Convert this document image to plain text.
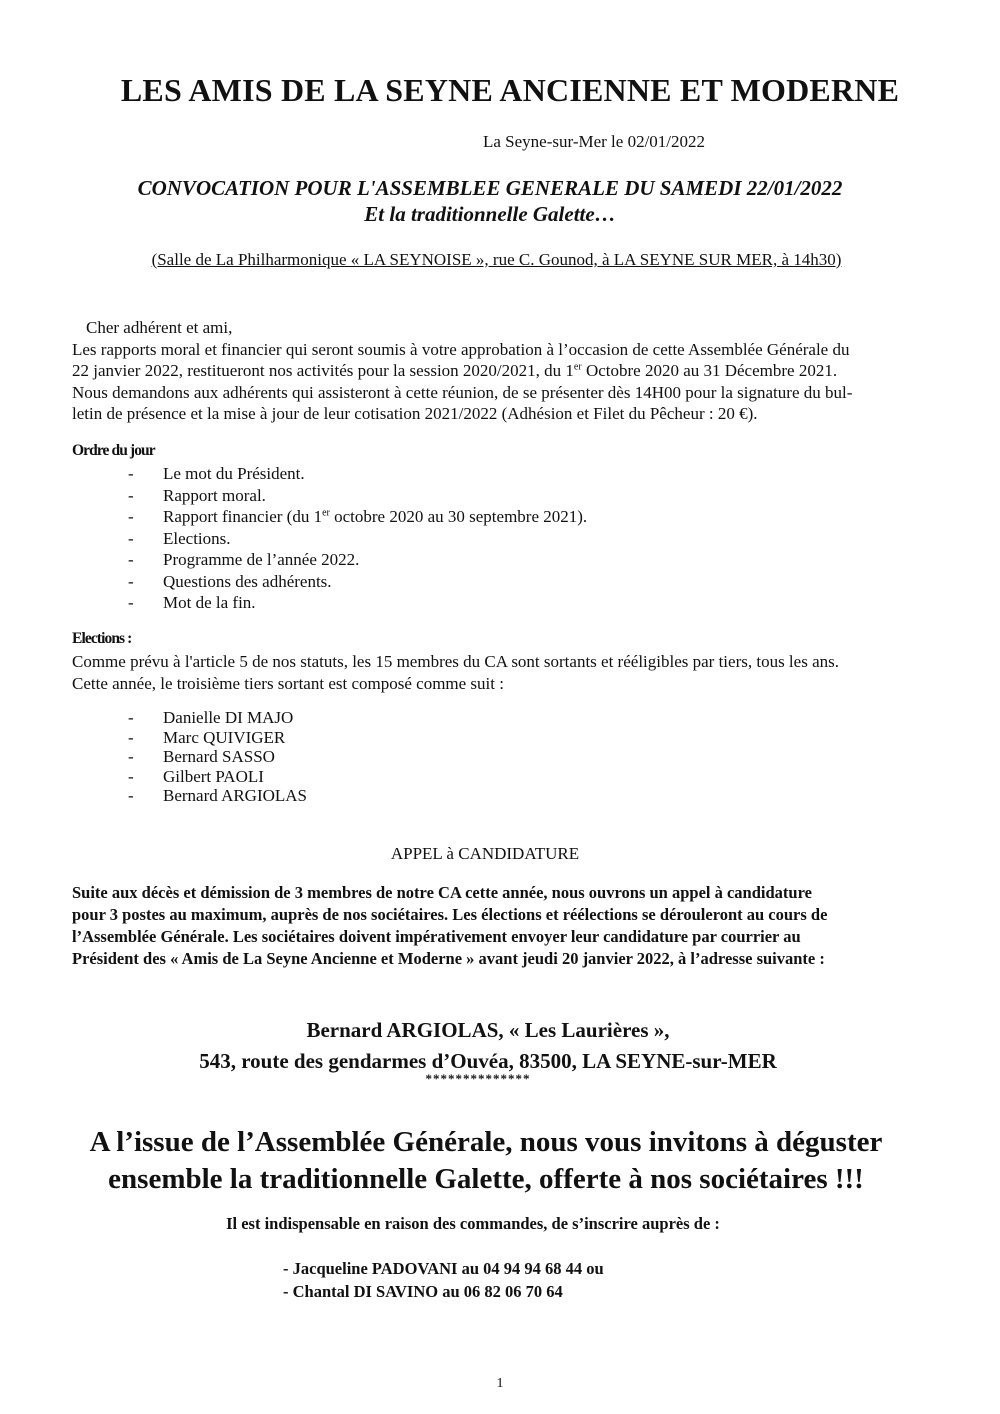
LES AMIS DE LA SEYNE ANCIENNE ET MODERNE
La Seyne-sur-Mer le 02/01/2022
CONVOCATION POUR L'ASSEMBLEE GENERALE DU SAMEDI 22/01/2022
Et la traditionnelle Galette…
(Salle de La Philharmonique « LA SEYNOISE », rue C. Gounod, à LA SEYNE SUR MER, à 14h30)
Cher adhérent et ami,
Les rapports moral et financier qui seront soumis à votre approbation à l’occasion de cette Assemblée Générale du
22 janvier 2022, restitueront nos activités pour la session 2020/2021, du 1er Octobre 2020 au 31 Décembre 2021.
Nous demandons aux adhérents qui assisteront à cette réunion, de se présenter dès 14H00 pour la signature du bul-
letin de présence et la mise à jour de leur cotisation 2021/2022 (Adhésion et Filet du Pêcheur : 20 €).
Ordre du jour
- Le mot du Président.
- Rapport moral.
- Rapport financier (du 1er octobre 2020 au 30 septembre 2021).
- Elections.
- Programme de l’année 2022.
- Questions des adhérents.
- Mot de la fin.
Elections :
Comme prévu à l'article 5 de nos statuts, les 15 membres du CA sont sortants et rééligibles par tiers, tous les ans.
Cette année, le troisième tiers sortant est composé comme suit :
- Danielle DI MAJO
- Marc QUIVIGER
- Bernard SASSO
- Gilbert PAOLI
- Bernard ARGIOLAS
APPEL à CANDIDATURE
Suite aux décès et démission de 3 membres de notre CA cette année, nous ouvrons un appel à candidature
pour 3 postes au maximum, auprès de nos sociétaires. Les élections et réélections se dérouleront au cours de
l’Assemblée Générale. Les sociétaires doivent impérativement envoyer leur candidature par courrier au
Président des « Amis de La Seyne Ancienne et Moderne » avant jeudi 20 janvier 2022, à l’adresse suivante :
Bernard ARGIOLAS, « Les Laurières »,
543, route des gendarmes d’Ouvéa, 83500, LA SEYNE-sur-MER
**************
A l’issue de l’Assemblée Générale, nous vous invitons à déguster
ensemble la traditionnelle Galette, offerte à nos sociétaires !!!
Il est indispensable en raison des commandes, de s’inscrire auprès de :
- Jacqueline PADOVANI au 04 94 94 68 44 ou
- Chantal DI SAVINO au 06 82 06 70 64
1
